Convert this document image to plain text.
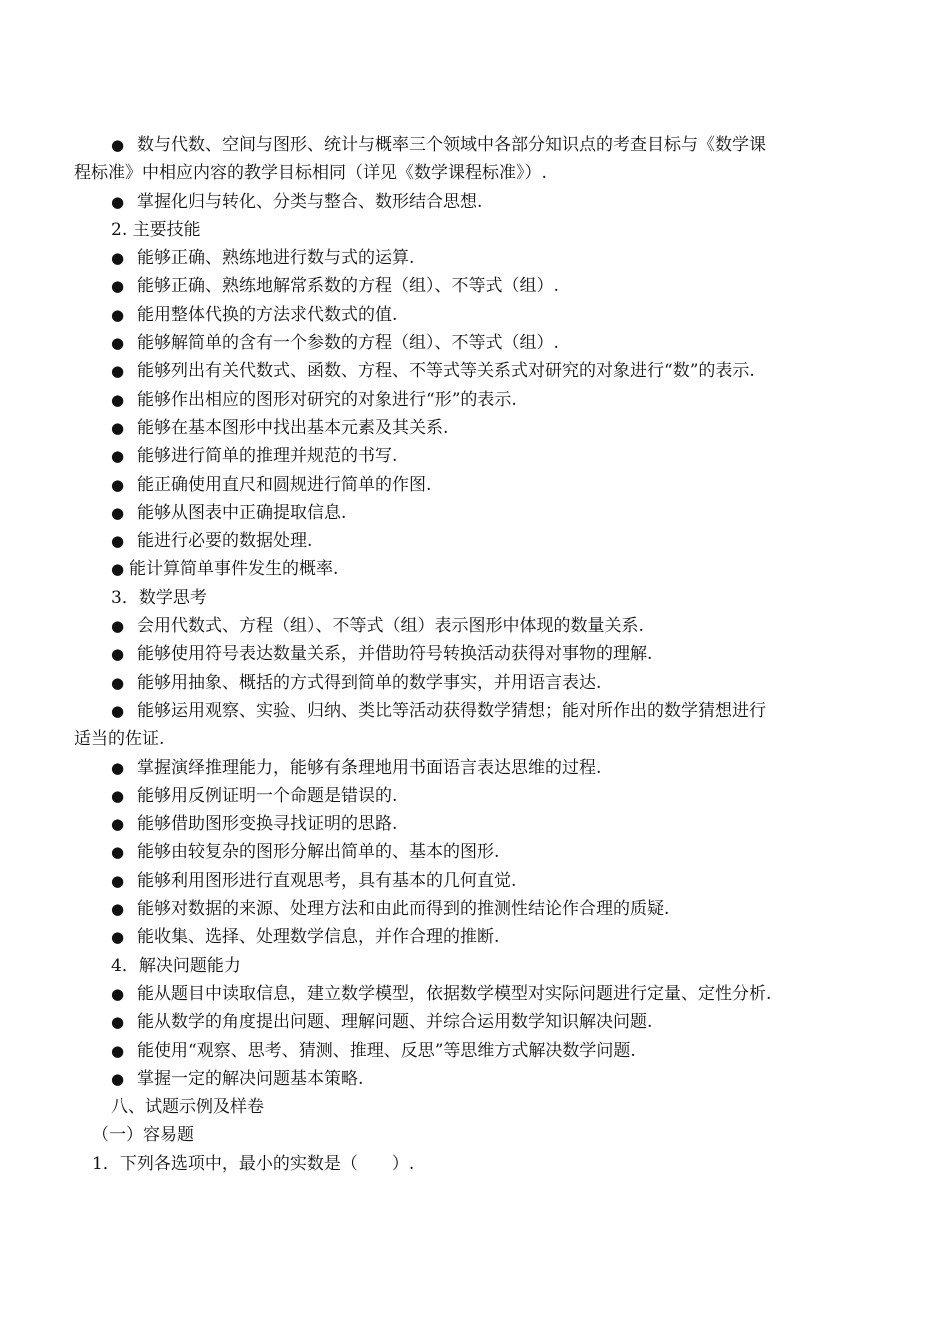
● 数与代数、空间与图形、统计与概率三个领域中各部分知识点的考查目标与《数学课
程标准》中相应内容的教学目标相同（详见《数学课程标准》）.
● 掌握化归与转化、分类与整合、数形结合思想.
2. 主要技能
● 能够正确、熟练地进行数与式的运算.
● 能够正确、熟练地解常系数的方程（组）、不等式（组）.
● 能用整体代换的方法求代数式的值.
● 能够解简单的含有一个参数的方程（组）、不等式（组）.
● 能够列出有关代数式、函数、方程、不等式等关系式对研究的对象进行“数”的表示.
● 能够作出相应的图形对研究的对象进行“形”的表示.
● 能够在基本图形中找出基本元素及其关系.
● 能够进行简单的推理并规范的书写.
● 能正确使用直尺和圆规进行简单的作图.
● 能够从图表中正确提取信息.
● 能进行必要的数据处理.
● 能计算简单事件发生的概率.
3．数学思考
● 会用代数式、方程（组）、不等式（组）表示图形中体现的数量关系.
● 能够使用符号表达数量关系，并借助符号转换活动获得对事物的理解.
● 能够用抽象、概括的方式得到简单的数学事实，并用语言表达.
● 能够运用观察、实验、归纳、类比等活动获得数学猜想；能对所作出的数学猜想进行
适当的佐证.
● 掌握演绎推理能力，能够有条理地用书面语言表达思维的过程.
● 能够用反例证明一个命题是错误的.
● 能够借助图形变换寻找证明的思路.
● 能够由较复杂的图形分解出简单的、基本的图形.
● 能够利用图形进行直观思考，具有基本的几何直觉.
● 能够对数据的来源、处理方法和由此而得到的推测性结论作合理的质疑.
● 能收集、选择、处理数学信息，并作合理的推断.
4．解决问题能力
● 能从题目中读取信息，建立数学模型，依据数学模型对实际问题进行定量、定性分析.
● 能从数学的角度提出问题、理解问题、并综合运用数学知识解决问题.
● 能使用“观察、思考、猜测、推理、反思”等思维方式解决数学问题.
● 掌握一定的解决问题基本策略.
八、试题示例及样卷
（一）容易题
1．下列各选项中，最小的实数是（　　）.
